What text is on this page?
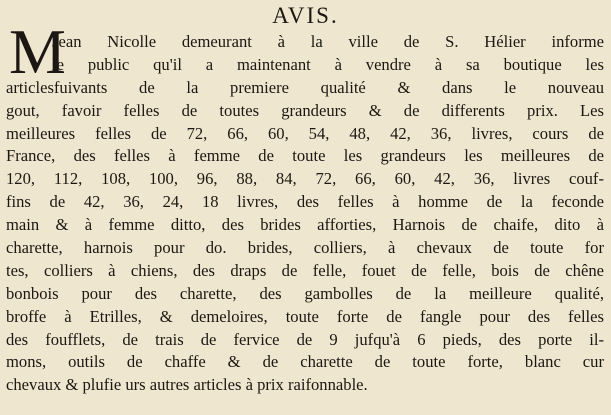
AVIS.
M
Jean Nicolle demeurant à la ville de S. Hélier informe
le public qu'il a maintenant à vendre à sa boutique les
articlesfuivants de la premiere qualité & dans le nouveau
gout, favoir felles de toutes grandeurs & de differents prix. Les
meilleures felles de 72, 66, 60, 54, 48, 42, 36, livres, cours de
France, des felles à femme de toute les grandeurs les meilleures de
120, 112, 108, 100, 96, 88, 84, 72, 66, 60, 42, 36, livres couf-
fins de 42, 36, 24, 18 livres, des felles à homme de la feconde
main & à femme ditto, des brides afforties, Harnois de chaife, dito à
charette, harnois pour do. brides, colliers, à chevaux de toute for
tes, colliers à chiens, des draps de felle, fouet de felle, bois de chêne
bonbois pour des charette, des gambolles de la meilleure qualité,
broffe à Etrilles, & demeloires, toute forte de fangle pour des felles
des foufflets, de trais de fervice de 9 jufqu'à 6 pieds, des porte il-
mons, outils de chaffe & de charette de toute forte, blanc cur
chevaux & plufie urs autres articles à prix raifonnable.
